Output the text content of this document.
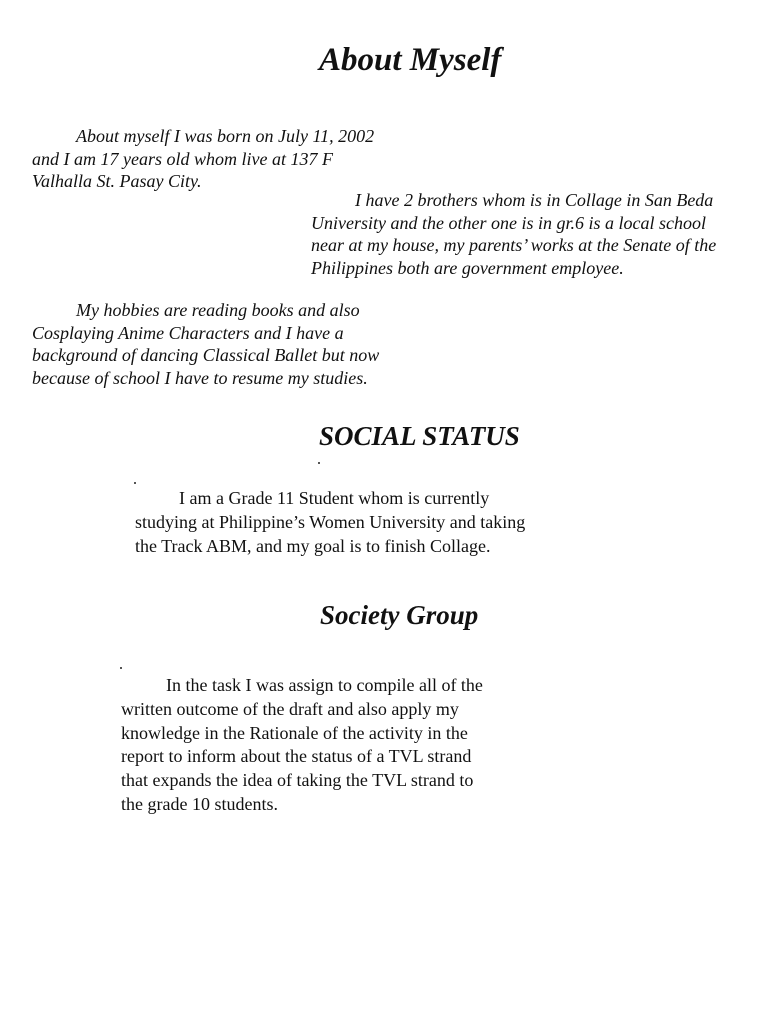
About Myself

About myself I was born on July 11, 2002
and I am 17 years old whom live at 137 F
Valhalla St. Pasay City.

I have 2 brothers whom is in Collage in San Beda
University and the other one is in gr.6 is a local school
near at my house, my parents’ works at the Senate of the
Philippines both are government employee.

My hobbies are reading books and also
Cosplaying Anime Characters and I have a
background of dancing Classical Ballet but now
because of school I have to resume my studies.

SOCIAL STATUS

I am a Grade 11 Student whom is currently
studying at Philippine’s Women University and taking
the Track ABM, and my goal is to finish Collage.

Society Group

In the task I was assign to compile all of the
written outcome of the draft and also apply my
knowledge in the Rationale of the activity in the
report to inform about the status of a TVL strand
that expands the idea of taking the TVL strand to
the grade 10 students.
